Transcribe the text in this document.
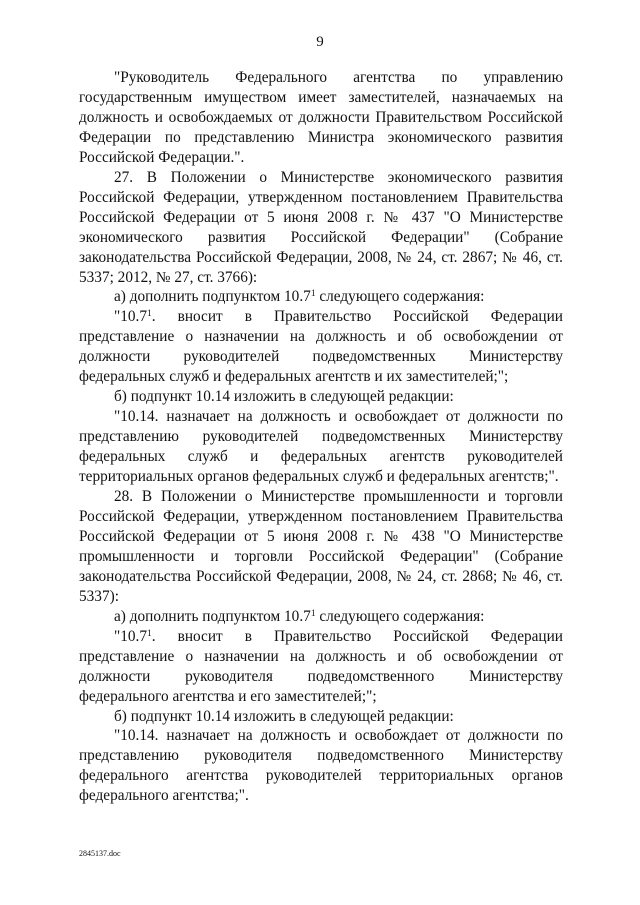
9

"Руководитель Федерального агентства по управлению государственным имуществом имеет заместителей, назначаемых на должность и освобождаемых от должности Правительством Российской Федерации по представлению Министра экономического развития Российской Федерации.".

27. В Положении о Министерстве экономического развития Российской Федерации, утвержденном постановлением Правительства Российской Федерации от 5 июня 2008 г. № 437 "О Министерстве экономического развития Российской Федерации" (Собрание законодательства Российской Федерации, 2008, № 24, ст. 2867; № 46, ст. 5337; 2012, № 27, ст. 3766):

а) дополнить подпунктом 10.7$^1$ следующего содержания:

"10.7$^1$. вносит в Правительство Российской Федерации представление о назначении на должность и об освобождении от должности руководителей подведомственных Министерству федеральных служб и федеральных агентств и их заместителей;";

б) подпункт 10.14 изложить в следующей редакции:

"10.14. назначает на должность и освобождает от должности по представлению руководителей подведомственных Министерству федеральных служб и федеральных агентств руководителей территориальных органов федеральных служб и федеральных агентств;".

28. В Положении о Министерстве промышленности и торговли Российской Федерации, утвержденном постановлением Правительства Российской Федерации от 5 июня 2008 г. № 438 "О Министерстве промышленности и торговли Российской Федерации" (Собрание законодательства Российской Федерации, 2008, № 24, ст. 2868; № 46, ст. 5337):

а) дополнить подпунктом 10.7$^1$ следующего содержания:

"10.7$^1$. вносит в Правительство Российской Федерации представление о назначении на должность и об освобождении от должности руководителя подведомственного Министерству федерального агентства и его заместителей;";

б) подпункт 10.14 изложить в следующей редакции:

"10.14. назначает на должность и освобождает от должности по представлению руководителя подведомственного Министерству федерального агентства руководителей территориальных органов федерального агентства;".

2845137.doc
